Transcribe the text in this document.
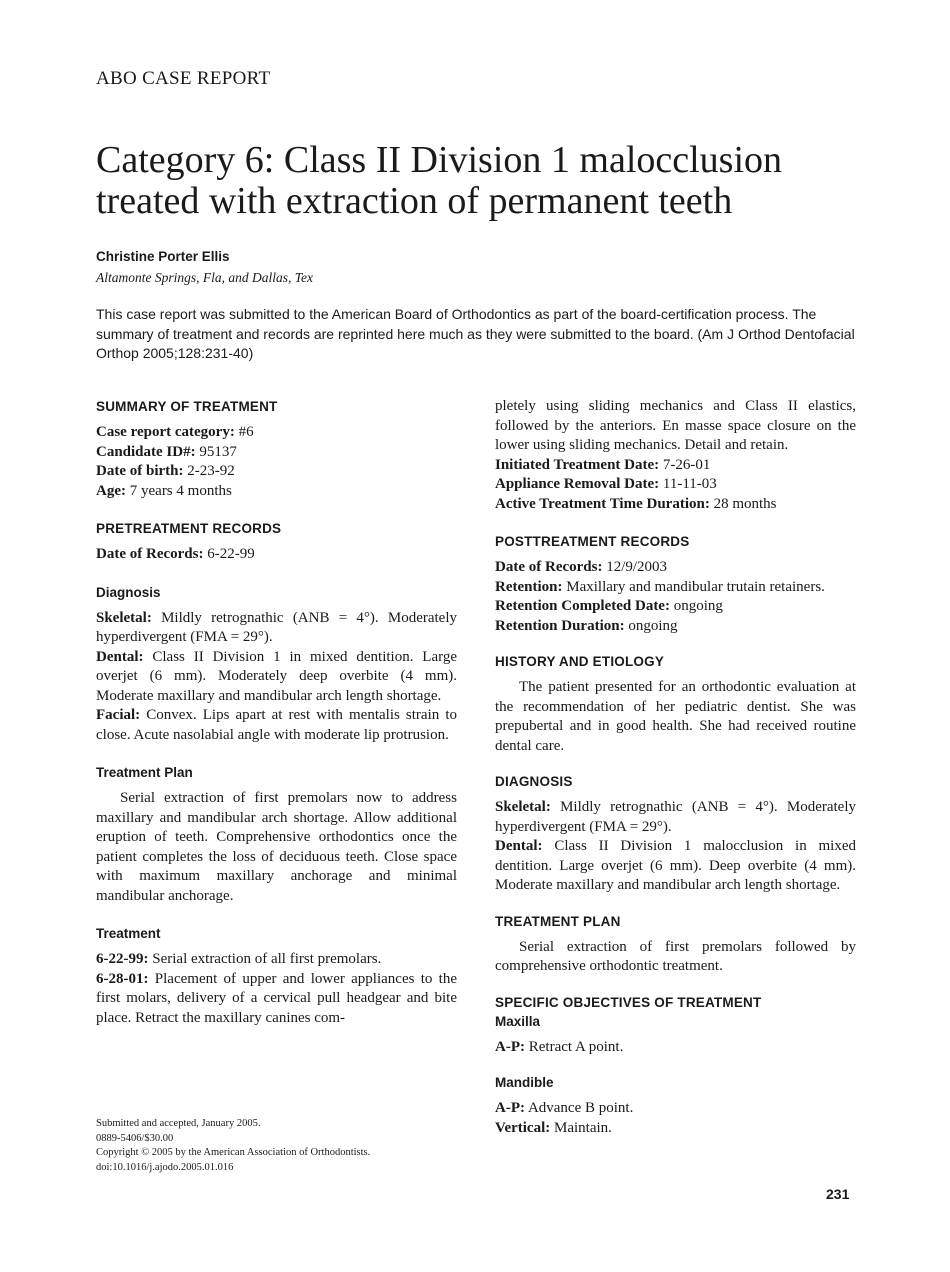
ABO CASE REPORT
Category 6: Class II Division 1 malocclusion treated with extraction of permanent teeth
Christine Porter Ellis
Altamonte Springs, Fla, and Dallas, Tex

This case report was submitted to the American Board of Orthodontics as part of the board-certification process. The summary of treatment and records are reprinted here much as they were submitted to the board. (Am J Orthod Dentofacial Orthop 2005;128:231-40)

SUMMARY OF TREATMENT
Case report category: #6
Candidate ID#: 95137
Date of birth: 2-23-92
Age: 7 years 4 months
PRETREATMENT RECORDS
Date of Records: 6-22-99
Diagnosis
Skeletal: Mildly retrognathic (ANB = 4°). Moderately hyperdivergent (FMA = 29°).
Dental: Class II Division 1 in mixed dentition. Large overjet (6 mm). Moderately deep overbite (4 mm). Moderate maxillary and mandibular arch length shortage.
Facial: Convex. Lips apart at rest with mentalis strain to close. Acute nasolabial angle with moderate lip protrusion.
Treatment Plan
Serial extraction of first premolars now to address maxillary and mandibular arch shortage. Allow additional eruption of teeth. Comprehensive orthodontics once the patient completes the loss of deciduous teeth. Close space with maximum maxillary anchorage and minimal mandibular anchorage.
Treatment
6-22-99: Serial extraction of all first premolars.
6-28-01: Placement of upper and lower appliances to the first molars, delivery of a cervical pull headgear and bite place. Retract the maxillary canines com-
pletely using sliding mechanics and Class II elastics, followed by the anteriors. En masse space closure on the lower using sliding mechanics. Detail and retain.
Initiated Treatment Date: 7-26-01
Appliance Removal Date: 11-11-03
Active Treatment Time Duration: 28 months
POSTTREATMENT RECORDS
Date of Records: 12/9/2003
Retention: Maxillary and mandibular trutain retainers.
Retention Completed Date: ongoing
Retention Duration: ongoing
HISTORY AND ETIOLOGY
The patient presented for an orthodontic evaluation at the recommendation of her pediatric dentist. She was prepubertal and in good health. She had received routine dental care.
DIAGNOSIS
Skeletal: Mildly retrognathic (ANB = 4°). Moderately hyperdivergent (FMA = 29°).
Dental: Class II Division 1 malocclusion in mixed dentition. Large overjet (6 mm). Deep overbite (4 mm). Moderate maxillary and mandibular arch length shortage.
TREATMENT PLAN
Serial extraction of first premolars followed by comprehensive orthodontic treatment.
SPECIFIC OBJECTIVES OF TREATMENT
Maxilla
A-P: Retract A point.
Mandible
A-P: Advance B point.
Vertical: Maintain.
Submitted and accepted, January 2005.
0889-5406/$30.00
Copyright © 2005 by the American Association of Orthodontists.
doi:10.1016/j.ajodo.2005.01.016
231
